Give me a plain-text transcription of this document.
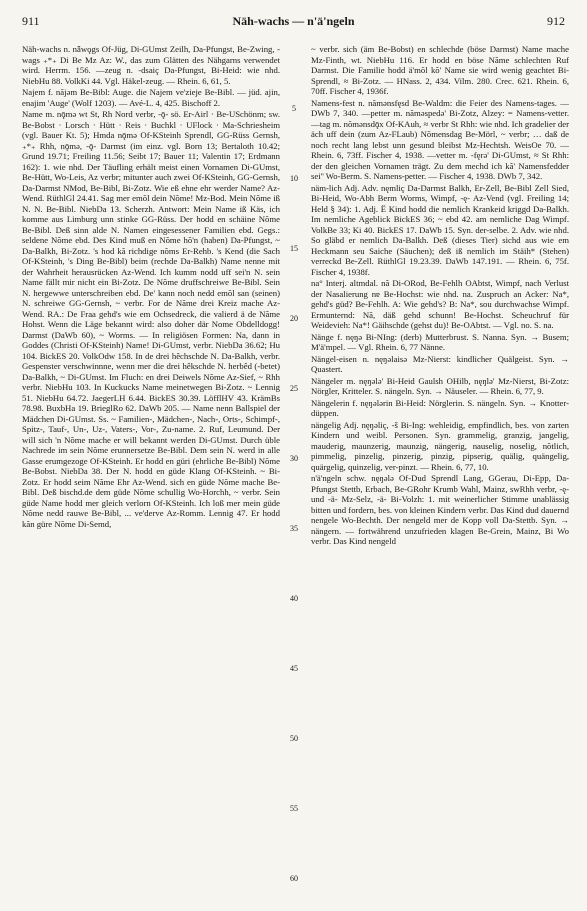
911	Näh-wachs — n'ä'ngeln	912

Näh-wachs n. nǟwǫgs Of-Jüg, Di-GUmst Zeilh, Da-Pfungst, Be-Zwing, -wags ₊*₊ Di Be Mz Az: W., das zum Glätten des Nähgarns verwendet wird. Herrm. 156. —zeug n. -dsaiç Da-Pfungst, Bi-Heid: wie nhd. NiebHu 88. VolkKi 44. Vgl. Häkel-zeug. — Rhein. 6, 61, 5.

Najem f. nājǝm Be-Bibl: Auge. die Najem ve'zieje Be-Bibl. — jüd. ajin, enajim 'Auge' (Wolf 1203). — Avé-L. 4, 425. Bischoff 2.

Name m. nǭmǝ wt St, Rh Nord verbr, -ǭ- sö. Er-Airl · Be-USchönm; sw. Be-Bobst · Lorsch · Hütt · Reis · Buchkl · UFlock · Ma-Schriesheim (vgl. Bauer Kt. 5); Hmda nǭmǝ Of-KSteinh Sprendl, GG-Rüss Gernsh, ₊*₊ Rhh, nǭmǝ, -ǭ- Darmst (im einz. vgl. Born 13; Bertaloth 10.42; Grund 19.71; Freiling 11.56; Seibt 17; Bauer 11; Valentin 17; Erdmann 162): 1. wie nhd. Der Täufling erhält meist einen Vornamen Di-GUmst, Be-Hütt, Wo-Leis, Az verbr; mitunter auch zwei Of-KSteinh, GG-Gernsh, Da-Darmst NMod, Be-Bibl, Bi-Zotz. Wie eß ehne ehr werder Name? Az-Wend. RüthlGl 24.41. Sag mer emõl dein Nõme! Mz-Bod. Mein Nõme iß N. N. Be-Bibl. NiebDa 13. Scherzh. Antwort: Mein Name iß Käs, ich komme aus Limburg unn stinke GG-Rüss. Der hodd en schäine Nõme Be-Bibl. Deß sinn alde N. Namen eingesessener Familien ebd. Gegs.: seldene Nõme ebd. Des Kind muß en Nõme hõ'n (haben) Da-Pfungst, ~ Da-Balkh, Bi-Zotz. 's hod kã richdige nõms Er-Rehb. 's Kend (die Sach Of-KSteinh, 's Ding Be-Bibl) beim (rechde Da-Balkh) Name nenne mit der Wahrheit herausrücken Az-Wend. Ich kumm nodd uff sei'n N. sein Name fällt mir nicht ein Bi-Zotz. De Nõme druffschreiwe Be-Bibl. Sein N. hergewwe unterschreiben ebd. De' kann noch nedd emõl san (seinen) N. schreiwe GG-Gernsh, ~ verbr. For de Nãme drei Kreiz mache Az-Wend. RA.: De Fraa gehd's wie em Ochsedreck, die valierd ä de Nãme Hohst. Wenn die Läge bekannt wird: also doher där Nome Obdelldogg! Darmst (DaWb 60), ~ Worms. — In religiösen Formen: Na, dann in Goddes (Christi Of-KSteinh) Name! Di-GUmst, verbr. NiebDa 36.62; Hu 104. BickES 20. VolkOdw 158. In de drei hêchschde N. Da-Balkh, verbr. Gespenster verschwinnne, wenn mer die drei hêkschde N. herbêd (-betet) Da-Balkh, ~ Di-GUmst. Im Fluch: en drei Deiwels Nõme Az-Sief, ~ Rhh verbr. NiebHu 103. In Kuckucks Name meinetwegen Bi-Zotz. ~ Lennig 51. NiebHu 64.72. JaegerLH 6.44. BickES 30.39. LöfflHV 43. KrämBs 78.98. BuxbHa 19. BrieglRo 62. DaWb 205. — Name nenn Ballspiel der Mädchen Di-GUmst. Ss. ~ Familien-, Mädchen-, Nach-, Orts-, Schimpf-, Spitz-, Tauf-, Un-, Uz-, Vaters-, Vor-, Zu-name. 2. Ruf, Leumund. Der will sich 'n Nõme mache er will bekannt werden Di-GUmst. Durch üble Nachrede im sein Nõme erunnersetze Be-Bibl. Dem sein N. werd in alle Gasse erumgezoge Of-KSteinh. Er hodd en güri (ehrliche Be-Bibl) Nõme Be-Bobst. NiebDa 38. Der N. hodd en güde Klang Of-KSteinh. ~ Bi-Zotz. Er hodd seim Nãme Ehr Az-Wend. sich en güde Nõme mache Be-Bibl. Deß bischd.de dem güde Nõme schullig Wo-Horchh, ~ verbr. Sein güde Name hodd mer gleich verlorn Of-KSteinh. Ich loß mer mein güde Nõme nedd rauwe Be-Bibl, ... ve'derve Az-Romm. Lennig 47. Er hodd kãn güre Nõme Di-Semd,

5
10
15
20
25
30
35
40
45
50
55
60

~ verbr. sich (äm Be-Bobst) en schlechde (böse Darmst) Name mache Mz-Finth, wt. NiebHu 116. Er hodd en böse Nãme schlechten Ruf Darmst. Die Familie hodd ä'mõl kõ' Name sie wird wenig geachtet Bi-Sprendl, ≈ Bi-Zotz. — HNass. 2, 434. Vilm. 280. Crec. 621. Rhein. 6, 70ff. Fischer 4, 1936f.

Namens-fest n. nãmǝnsfęsd Be-Waldm: die Feier des Namens-tages. — DWb 7, 340. —petter m. nãmǝspedǝ' Bi-Zotz, Alzey: = Namens-vetter. —tag m. nõmǝnsdǭx Of-KAuh, ≈ verbr St Rhh: wie nhd. Ich gradelier der äch uff dein (zum Az-FLaub) Nõmensdag Be-Mörl, ~ verbr; … daß de noch recht lang lebst unn gesund bleibst Mz-Hechtsh. WeisOe 70. — Rhein. 6, 73ff. Fischer 4, 1938. —vetter m. -fęrǝ' Di-GUmst, ≈ St Rhh: der den gleichen Vornamen trägt. Zu dem mechd ich kã' Namensfedder sei'' Wo-Berm. S. Namens-petter. — Fischer 4, 1938. DWb 7, 342.

näm-lich Adj. Adv. nęmliç Da-Darmst Balkh, Er-Zell, Be-Bibl Zell Sied, Bi-Heid, Wo-Abh Berm Worms, Wimpf, -ę- Az-Vend (vgl. Freiling 14; Held § 34): 1. Adj. Ë Kind hodd die nemlich Krankeid kriggd Da-Balkh. Im nemliche Ageblick BickES 36; ~ ebd 42. am nemliche Dag Wimpf. VolkBe 33; Ki 40. BickES 17. DaWb 15. Syn. der-selbe. 2. Adv. wie nhd. So gläbd er nemlich Da-Balkh. Deß (dieses Tier) sichd aus wie em Heckmann seu Saiche (Säuchen); deß iß nemlich im Stäih* (Stehen) verreckd Be-Zell. RüthlGl 19.23.39. DaWb 147.191. — Rhein. 6, 75f. Fischer 4, 1938f.

na° Interj. altmdal. nã Di-ORod, Be-Fehlh OAbtst, Wimpf, nach Verlust der Nasalierung nɐ Be-Hochst: wie nhd. na. Zuspruch an Acker: Na*, gehd's güd? Be-Fehlh. A: Wie gehd's? B: Na*, sou durchwachse Wimpf. Ermunternd: Nã, däß gehd schunn! Be-Hochst. Scheuchruf für Weideviеh: Na*! Gäihschde (gehst du)! Be-OAbtst. — Vgl. no. S. na.

Nänge f. nęŋǝ Bi-NIng: (derb) Mutterbrust. S. Nanna. Syn. → Busem; M'ä'mpel. — Vgl. Rhein. 6, 77 Nänne.

Nängel-eisen n. nęŋǝlaisǝ Mz-Nierst: kindlicher Quälgeist. Syn. → Quastert.

Nängeler m. nęŋǝlǝ' Bi-Heid Gaulsh OHilb, nęŋlǝ' Mz-Nierst, Bi-Zotz: Nörgler, Kritteler. S. nängeln. Syn. → Näuseler. — Rhein. 6, 77, 9.

Nängelerin f. nęŋǝlǝrin Bi-Heid: Nörglerin. S. nängeln. Syn. → Knotter-düppen.

nängelig Adj. nęŋǝliç, -š Bi-Ing: wehleidig, empfindlich, bes. von zarten Kindern und weibl. Personen. Syn. grammelig, granzig, jangelig, mauderig, maunzerig, maunzig, nängerig, nauselig, noselig, nõtlich, pimmelig, pinzelig, pinzerig, pinzig, pipserig, quälig, quängelig, quärgelig, quinzelig, ver-pinzt. — Rhein. 6, 77, 10.

n'ä'ngeln schw. nęŋǝlǝ Of-Dud Sprendl Lang, GGerau, Di-Epp, Da-Pfungst Stettb, Erbach, Be-GRohr Krumb Wahl, Mainz, swRhh verbr, -ę- und -ä- Mz-Selz, -ä- Bi-Volzh: 1. mit weinerlicher Stimme unablässig bitten und fordern, bes. von kleinen Kindern verbr. Das Kind dud dauernd nengele Wo-Bechth. Der nengeld mer de Kopp voll Da-Stettb. Syn. → nängern. — fortwährend unzufrieden klagen Be-Grein, Mainz, Bi Wo verbr. Das Kind nengeld
